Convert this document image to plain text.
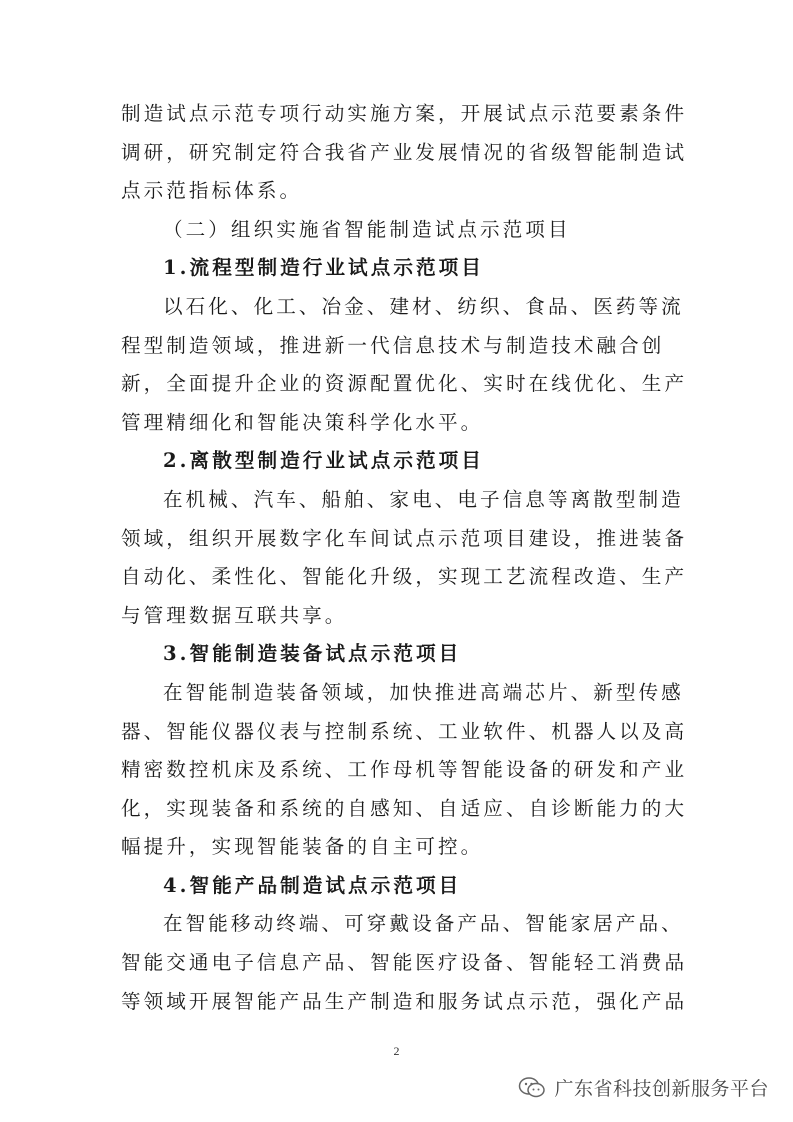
制造试点示范专项行动实施方案，开展试点示范要素条件
调研，研究制定符合我省产业发展情况的省级智能制造试
点示范指标体系。
（二）组织实施省智能制造试点示范项目
1.流程型制造行业试点示范项目
以石化、化工、冶金、建材、纺织、食品、医药等流
程型制造领域，推进新一代信息技术与制造技术融合创
新，全面提升企业的资源配置优化、实时在线优化、生产
管理精细化和智能决策科学化水平。
2.离散型制造行业试点示范项目
在机械、汽车、船舶、家电、电子信息等离散型制造
领域，组织开展数字化车间试点示范项目建设，推进装备
自动化、柔性化、智能化升级，实现工艺流程改造、生产
与管理数据互联共享。
3.智能制造装备试点示范项目
在智能制造装备领域，加快推进高端芯片、新型传感
器、智能仪器仪表与控制系统、工业软件、机器人以及高
精密数控机床及系统、工作母机等智能设备的研发和产业
化，实现装备和系统的自感知、自适应、自诊断能力的大
幅提升，实现智能装备的自主可控。
4.智能产品制造试点示范项目
在智能移动终端、可穿戴设备产品、智能家居产品、
智能交通电子信息产品、智能医疗设备、智能轻工消费品
等领域开展智能产品生产制造和服务试点示范，强化产品
2
广东省科技创新服务平台
